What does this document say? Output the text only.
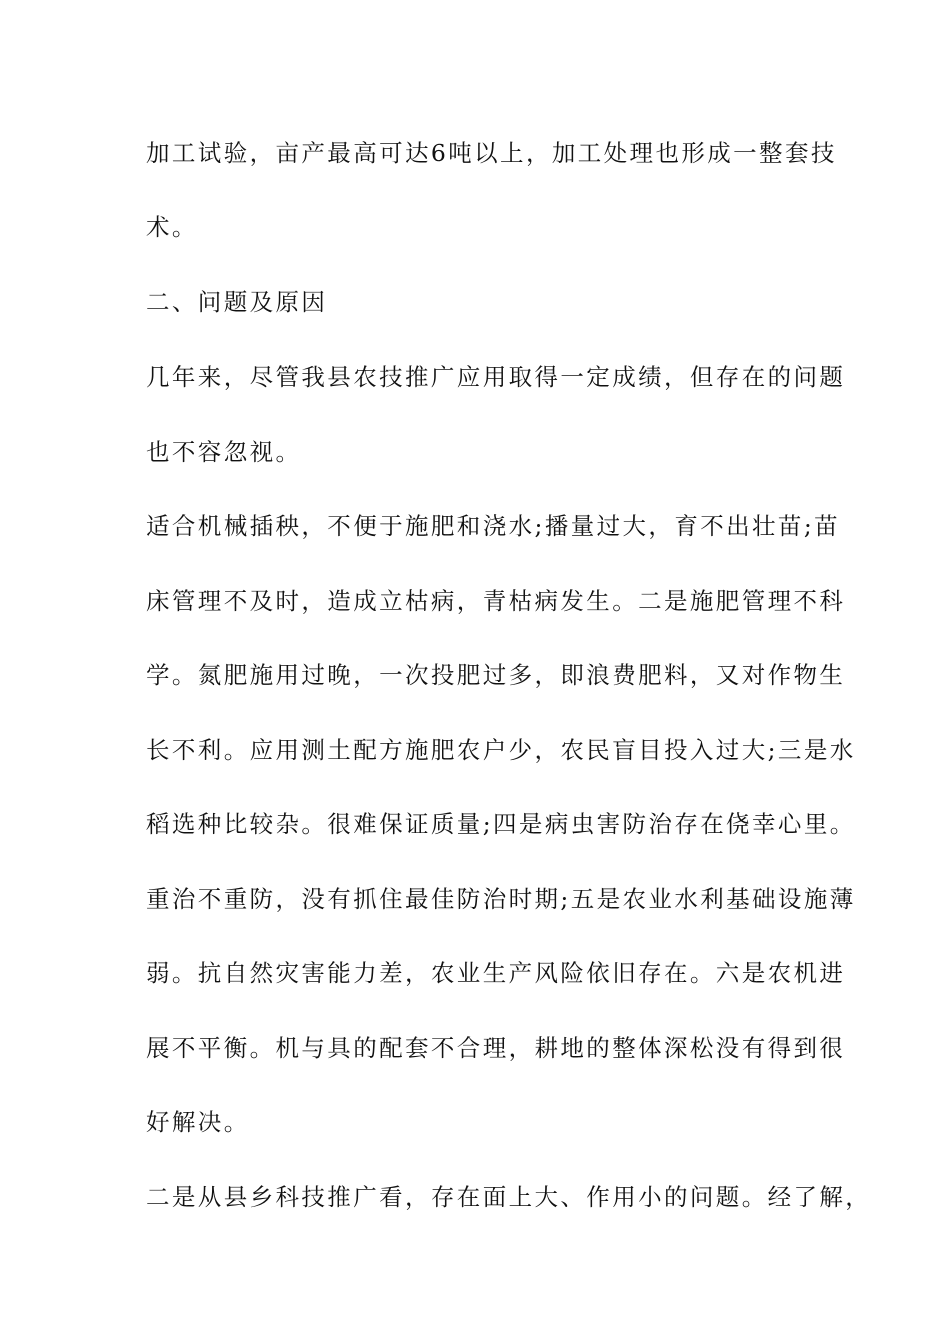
加工试验，亩产最高可达6吨以上，加工处理也形成一整套技

术。

二、问题及原因

几年来，尽管我县农技推广应用取得一定成绩，但存在的问题

也不容忽视。

适合机械插秧，不便于施肥和浇水;播量过大，育不出壮苗;苗

床管理不及时，造成立枯病，青枯病发生。二是施肥管理不科

学。氮肥施用过晚，一次投肥过多，即浪费肥料，又对作物生

长不利。应用测土配方施肥农户少，农民盲目投入过大;三是水

稻选种比较杂。很难保证质量;四是病虫害防治存在侥幸心里。

重治不重防，没有抓住最佳防治时期;五是农业水利基础设施薄

弱。抗自然灾害能力差，农业生产风险依旧存在。六是农机进

展不平衡。机与具的配套不合理，耕地的整体深松没有得到很

好解决。

二是从县乡科技推广看，存在面上大、作用小的问题。经了解，
